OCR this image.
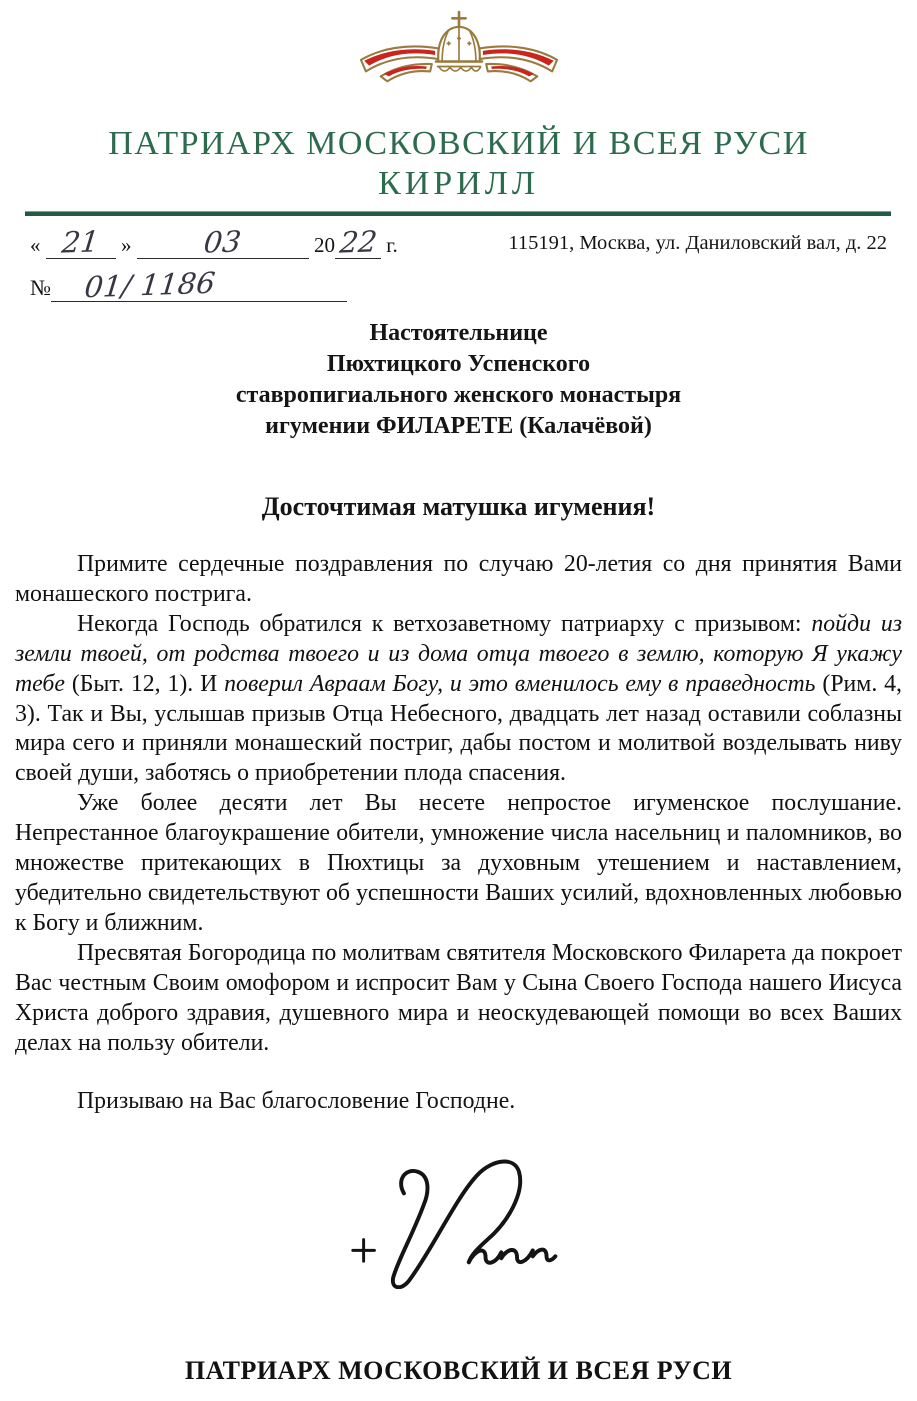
ПАТРИАРХ МОСКОВСКИЙ И ВСЕЯ РУСИ
КИРИЛЛ
« 21 » 03	2022 г.	115191, Москва, ул. Даниловский вал, д. 22
№ 01/ 1186
Настоятельнице
Пюхтицкого Успенского
ставропигиального женского монастыря
игумении ФИЛАРЕТЕ (Калачёвой)
Досточтимая матушка игумения!

Примите сердечные поздравления по случаю 20-летия со дня принятия Вами монашеского пострига.

Некогда Господь обратился к ветхозаветному патриарху с призывом: пойди из земли твоей, от родства твоего и из дома отца твоего в землю, которую Я укажу тебе (Быт. 12, 1). И поверил Авраам Богу, и это вменилось ему в праведность (Рим. 4, 3). Так и Вы, услышав призыв Отца Небесного, двадцать лет назад оставили соблазны мира сего и приняли монашеский постриг, дабы постом и молитвой возделывать ниву своей души, заботясь о приобретении плода спасения.

Уже более десяти лет Вы несете непростое игуменское послушание. Непрестанное благоукрашение обители, умножение числа насельниц и паломников, во множестве притекающих в Пюхтицы за духовным утешением и наставлением, убедительно свидетельствуют об успешности Ваших усилий, вдохновленных любовью к Богу и ближним.

Пресвятая Богородица по молитвам святителя Московского Филарета да покроет Вас честным Своим омофором и испросит Вам у Сына Своего Господа нашего Иисуса Христа доброго здравия, душевного мира и неоскудевающей помощи во всех Ваших делах на пользу обители.

Призываю на Вас благословение Господне.
ПАТРИАРХ МОСКОВСКИЙ И ВСЕЯ РУСИ
